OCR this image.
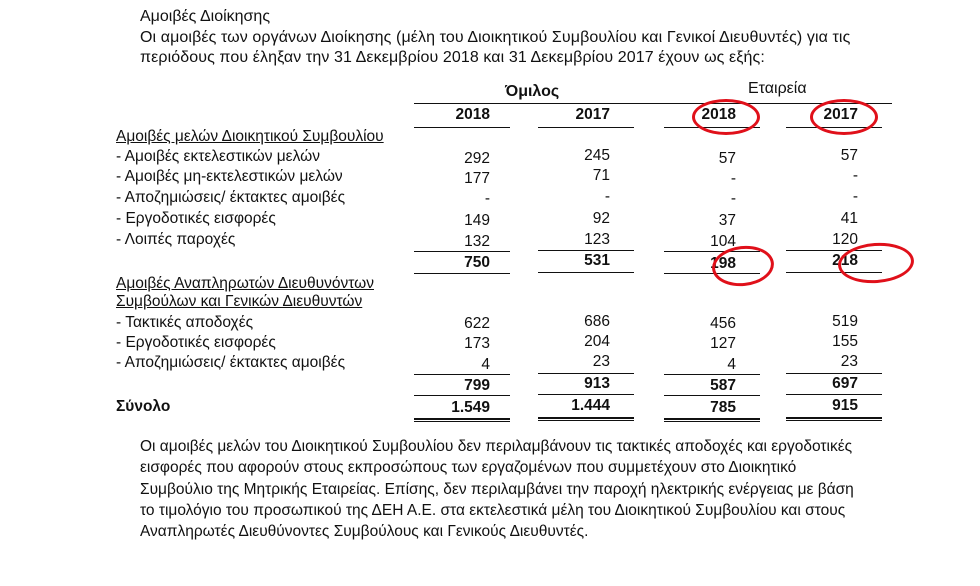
Αμοιβές Διοίκησης
Οι αμοιβές των οργάνων Διοίκησης (μέλη του Διοικητικού Συμβουλίου και Γενικοί Διευθυντές) για τις
περιόδους που έληξαν την 31 Δεκεμβρίου 2018 και 31 Δεκεμβρίου 2017 έχουν ως εξής:
Όμιλος	Εταιρεία
2018	2017	2018	2017
Αμοιβές μελών Διοικητικού Συμβουλίου
- Αμοιβές εκτελεστικών μελών	292	245	57	57
- Αμοιβές μη-εκτελεστικών μελών	177	71	-	-
- Αποζημιώσεις/ έκτακτες αμοιβές	-	-	-	-
- Εργοδοτικές εισφορές	149	92	37	41
- Λοιπές παροχές	132	123	104	120
750	531	198	218
Αμοιβές Αναπληρωτών Διευθυνόντων
Συμβούλων και Γενικών Διευθυντών
- Τακτικές αποδοχές	622	686	456	519
- Εργοδοτικές εισφορές	173	204	127	155
- Αποζημιώσεις/ έκτακτες αμοιβές	4	23	4	23
799	913	587	697
Σύνολο	1.549	1.444	785	915
Οι αμοιβές μελών του Διοικητικού Συμβουλίου δεν περιλαμβάνουν τις τακτικές αποδοχές και εργοδοτικές
εισφορές που αφορούν στους εκπροσώπους των εργαζομένων που συμμετέχουν στο Διοικητικό
Συμβούλιο της Μητρικής Εταιρείας. Επίσης, δεν περιλαμβάνει την παροχή ηλεκτρικής ενέργειας με βάση
το τιμολόγιο του προσωπικού της ΔΕΗ Α.Ε. στα εκτελεστικά μέλη του Διοικητικού Συμβουλίου και στους
Αναπληρωτές Διευθύνοντες Συμβούλους και Γενικούς Διευθυντές.
